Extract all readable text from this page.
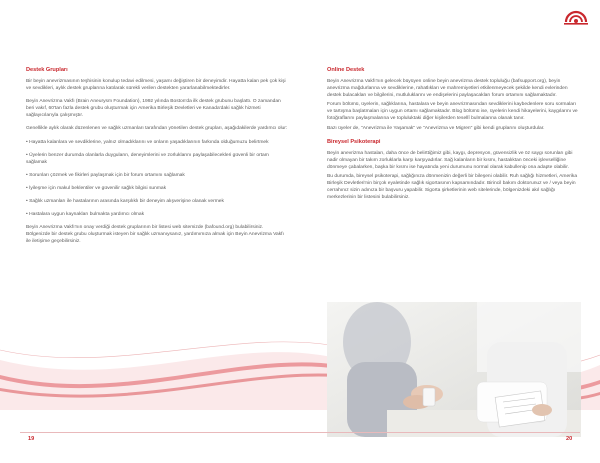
Destek Grupları
Bir beyin anevrizmasının teşhisinin konulup tedavi edilmesi, yaşamı değiştiren bir deneyimdir. Hayatta kalan pek çok kişi ve sevdikleri, aylık destek gruplarına katılarak sürekli verilen destekten yararlanabilmektedirler.
Beyin Anevrizma Vakfı (Brain Aneurysm Foundation), 1992 yılında Boston'da ilk destek grubunu başlattı. O zamandan beri vakıf, 60'tan fazla destek grubu oluşturmak için Amerika Birleşik Devletleri ve Kanada'daki sağlık hizmeti sağlayıcılarıyla çalışmıştır.
Genellikle aylık olarak düzenlenen ve sağlık uzmanları tarafından yönetilen destek grupları, aşağıdakilerde yardımcı olur:
• Hayatta kalanlara ve sevdiklerine, yalnız olmadıklarını ve onların yaşadıklarının farkında olduğumuzu belirtmek
• Üyelerin benzer durumda olanlarla duyguların, deneyimlerini ve zorluklarını paylaşabilecekleri güvenli bir ortam sağlamak
• Sorunları çözmek ve fikirleri paylaşmak için bir forum ortamını sağlamak
• İyileşme için makul beklentiler ve güvenilir sağlık bilgisi sunmak
• Sağlık uzmanları ile hastalarının arasında karşılıklı bir deneyim alışverişine olanak vermek
• Hastalara uygun kaynakları bulmakta yardımcı olmak
Beyin Anevrizma Vakfı'nın onay verdiği destek gruplarının bir listesi web sitemizde (bafound.org) bulabilirsiniz. Bölgenizde bir destek grubu oluşturmak isteyen bir sağlık uzmanıysanız, yardımımıza almak için Beyin Anevrizma Vakfı ile iletişime geçebilirsiniz.
Online Destek
Beyin Anevrizma Vakfı'nın gelecek büyüyen online beyin anevrizma destek topluluğu (bafsupport.org), beyin anevrizma mağdurlarına ve sevdiklerine, rahatlıkları ve mahremiyetleri etkilenmeyecek şekilde kendi evlerinden destek bulacakları ve bilgilerini, mutluluklarını ve endişelerini paylaşacakları forum ortamını sağlamaktadır.
Forum bölümü, üyelerin, sağlıklarına, hastalara ve beyin anevrizmasından sevdiklerini kaybedenlere soru sormaları ve tartışma başlatmaları için uygun ortamı sağlamaktadır. Blog bölümü ise, üyelerin kendi hikayelerini, kaygılarını ve fotoğraflarını paylaşmalarına ve topluluktaki diğer kişilerden tesellî bulmalarına olanak tanır.
Bazı üyeler de, "Anevrizma ile Yaşamak" ve "Anevrizma ve Migren" gibi kendi gruplarını oluşturdular.
Bireysel Psikoterapi
Beyin anevrizma hastaları, daha önce de belirttiğimiz gibi, kaygı, depresyon, güvensizlik ve öz saygı sorunları gibi nadir olmayan bir takım zorluklarla karşı karşıyadırlar. Sağ kalanların bir kısmı, hastalıktan önceki işlevselliğine dönmeye çabalarken, başka bir kısmı ise hayatında yeni durumunu normal olarak kabullenip ona adapte olabilir.
Bu durumda, bireysel psikoterapi, sağlığınıza dönmenizin değerli bir bileşeni olabilir. Ruh sağlığı hizmetleri, Amerika Birleşik Devletleri'nin birçok eyaletinde sağlık sigortasının kapsamındadır. Birincil bakım doktorunuz ve / veya beyin cerrahınız sizin adınıza bir başvuru yapabilir. Sigorta şirketlerinin web sitelerinde, bölgenizdeki akıl sağlığı merkezlerinin bir listesini bulabilirsiniz.
19	20
